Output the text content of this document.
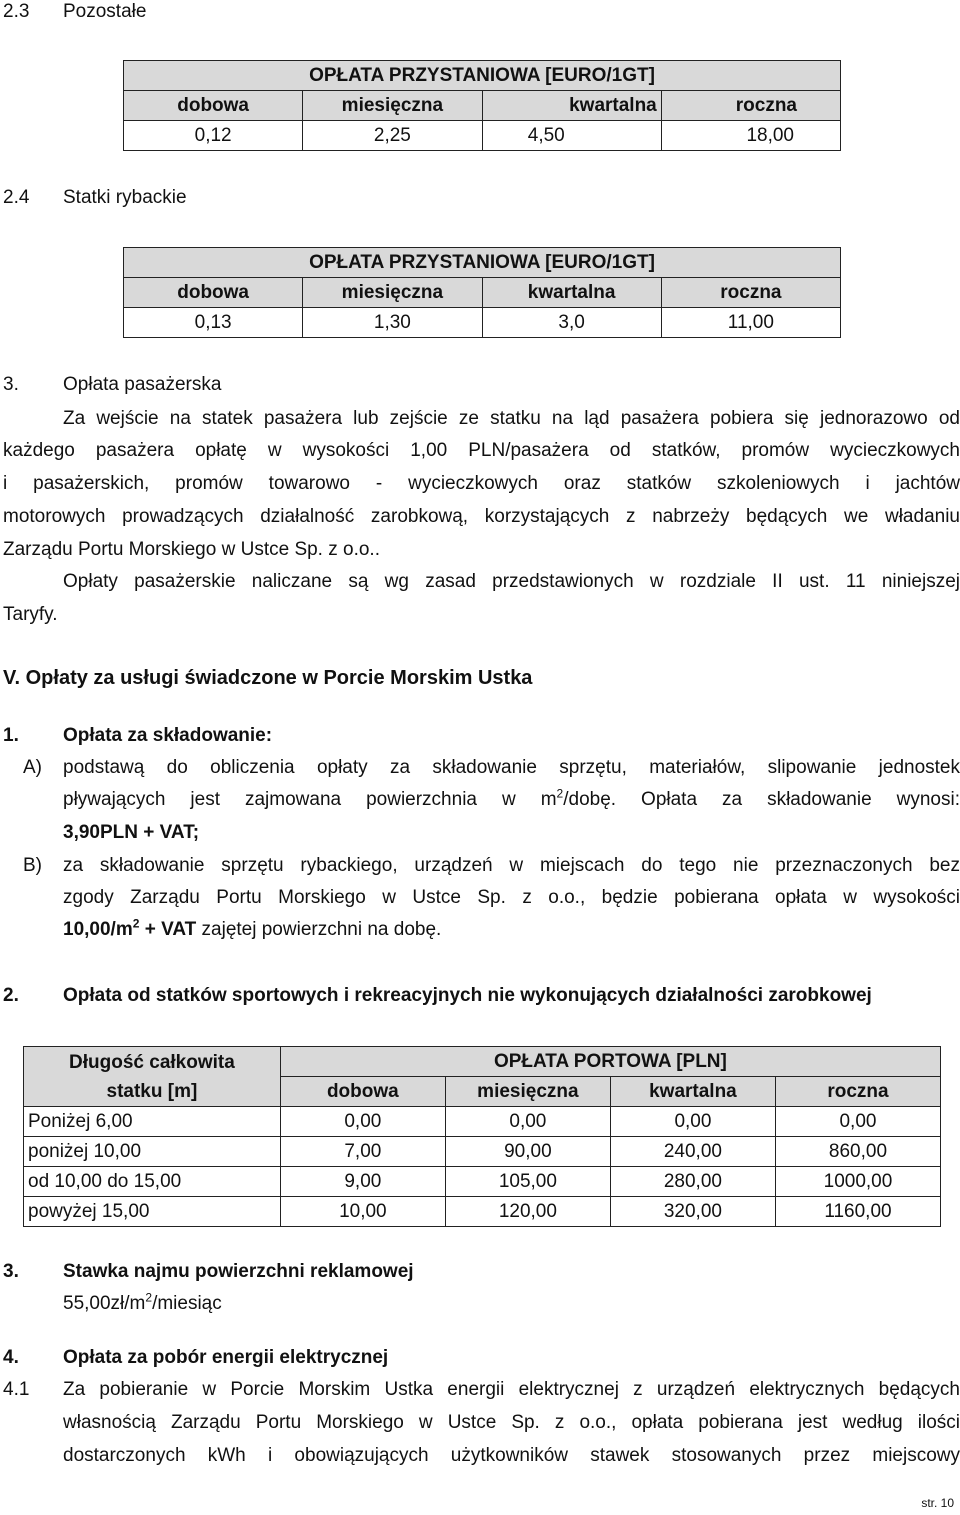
2.3 Pozostałe
OPŁATA PRZYSTANIOWA [EURO/1GT]			
dobowa	miesięczna	kwartalna	roczna
0,12	2,25	4,50	18,00
2.4 Statki rybackie
OPŁATA PRZYSTANIOWA [EURO/1GT]			
dobowa	miesięczna	kwartalna	roczna
0,13	1,30	3,0	11,00
3. Opłata pasażerska
Za wejście na statek pasażera lub zejście ze statku na ląd pasażera pobiera się jednorazowo od
każdego pasażera opłatę w wysokości 1,00 PLN/pasażera od statków, promów wycieczkowych
i pasażerskich, promów towarowo - wycieczkowych oraz statków szkoleniowych i jachtów
motorowych prowadzących działalność zarobkową, korzystających z nabrzeży będących we władaniu
Zarządu Portu Morskiego w Ustce Sp. z o.o..
Opłaty pasażerskie naliczane są wg zasad przedstawionych w rozdziale II ust. 11 niniejszej
Taryfy.
V. Opłaty za usługi świadczone w Porcie Morskim Ustka
1. Opłata za składowanie:
A) podstawą do obliczenia opłaty za składowanie sprzętu, materiałów, slipowanie jednostek
pływających jest zajmowana powierzchnia w $m^2$/dobę. Opłata za składowanie wynosi:
3,90PLN + VAT;
B) za składowanie sprzętu rybackiego, urządzeń w miejscach do tego nie przeznaczonych bez
zgody Zarządu Portu Morskiego w Ustce Sp. z o.o., będzie pobierana opłata w wysokości
$10,00/m^2$ + VAT zajętej powierzchni na dobę.
2. Opłata od statków sportowych i rekreacyjnych nie wykonujących działalności zarobkowej
Długość całkowita
statku [m]	OPŁATA PORTOWA [PLN]			
	dobowa	miesięczna	kwartalna	roczna
Poniżej 6,00	0,00	0,00	0,00	0,00
poniżej 10,00	7,00	90,00	240,00	860,00
od 10,00 do 15,00	9,00	105,00	280,00	1000,00
powyżej 15,00	10,00	120,00	320,00	1160,00
3. Stawka najmu powierzchni reklamowej
$55,00zł/m^2$/miesiąc
4. Opłata za pobór energii elektrycznej
4.1 Za pobieranie w Porcie Morskim Ustka energii elektrycznej z urządzeń elektrycznych będących
własnością Zarządu Portu Morskiego w Ustce Sp. z o.o., opłata pobierana jest według ilości
dostarczonych kWh i obowiązujących użytkowników stawek stosowanych przez miejscowy
str. 10
